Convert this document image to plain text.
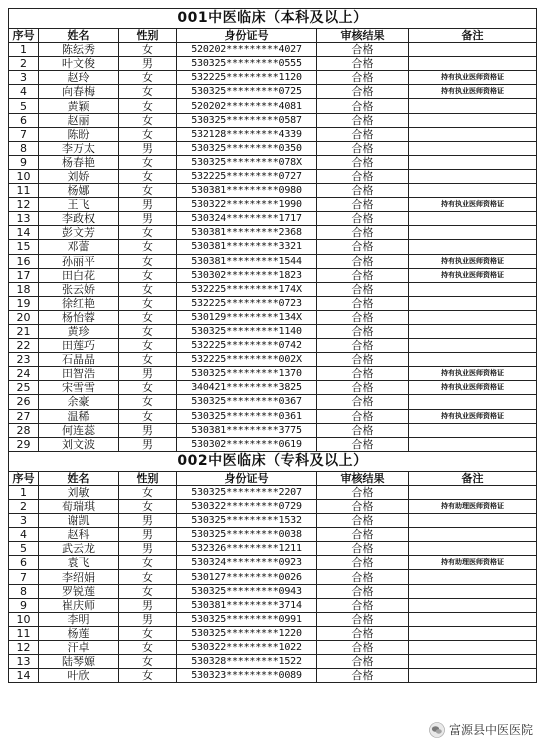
001中医临床（本科及以上）					
序号	姓名	性别	身份证号	审核结果	备注
1	陈纭秀	女	520202*********4027	合格	
2	叶文俊	男	530325*********0555	合格	
3	赵玲	女	532225*********1120	合格	持有执业医师资格证
4	向春梅	女	530325*********0725	合格	持有执业医师资格证
5	黄颖	女	520202*********4081	合格	
6	赵丽	女	530325*********0587	合格	
7	陈盼	女	532128*********4339	合格	
8	李万太	男	530325*********0350	合格	
9	杨春艳	女	530325*********078X	合格	
10	刘娇	女	532225*********0727	合格	
11	杨娜	女	530381*********0980	合格	
12	王飞	男	530322*********1990	合格	持有执业医师资格证
13	李政权	男	530324*********1717	合格	
14	彭文芳	女	530381*********2368	合格	
15	邓蕾	女	530381*********3321	合格	
16	孙丽平	女	530381*********1544	合格	持有执业医师资格证
17	田白花	女	530302*********1823	合格	持有执业医师资格证
18	张云娇	女	532225*********174X	合格	
19	徐红艳	女	532225*********0723	合格	
20	杨怡蓉	女	530129*********134X	合格	
21	黄珍	女	530325*********1140	合格	
22	田莲巧	女	532225*********0742	合格	
23	石晶晶	女	532225*********002X	合格	
24	田智浩	男	530325*********1370	合格	持有执业医师资格证
25	宋雪雪	女	340421*********3825	合格	持有执业医师资格证
26	余豪	女	530325*********0367	合格	
27	温稀	女	530325*********0361	合格	持有执业医师资格证
28	何连蕊	男	530381*********3775	合格	
29	刘文波	男	530302*********0619	合格	
002中医临床（专科及以上）					
序号	姓名	性别	身份证号	审核结果	备注
1	刘敏	女	530325*********2207	合格	
2	荀瑞琪	女	530322*********0729	合格	持有助理医师资格证
3	谢凯	男	530325*********1532	合格	
4	赵科	男	530325*********0038	合格	
5	武云龙	男	532326*********1211	合格	
6	袁飞	女	530324*********0923	合格	持有助理医师资格证
7	李绍娟	女	530127*********0026	合格	
8	罗锐莲	女	530325*********0943	合格	
9	崔庆师	男	530381*********3714	合格	
10	李明	男	530325*********0991	合格	
11	杨莲	女	530325*********1220	合格	
12	汗卓	女	530322*********1022	合格	
13	陆琴嫄	女	530328*********1522	合格	
14	叶欣	女	530323*********0089	合格	
富源县中医医院
